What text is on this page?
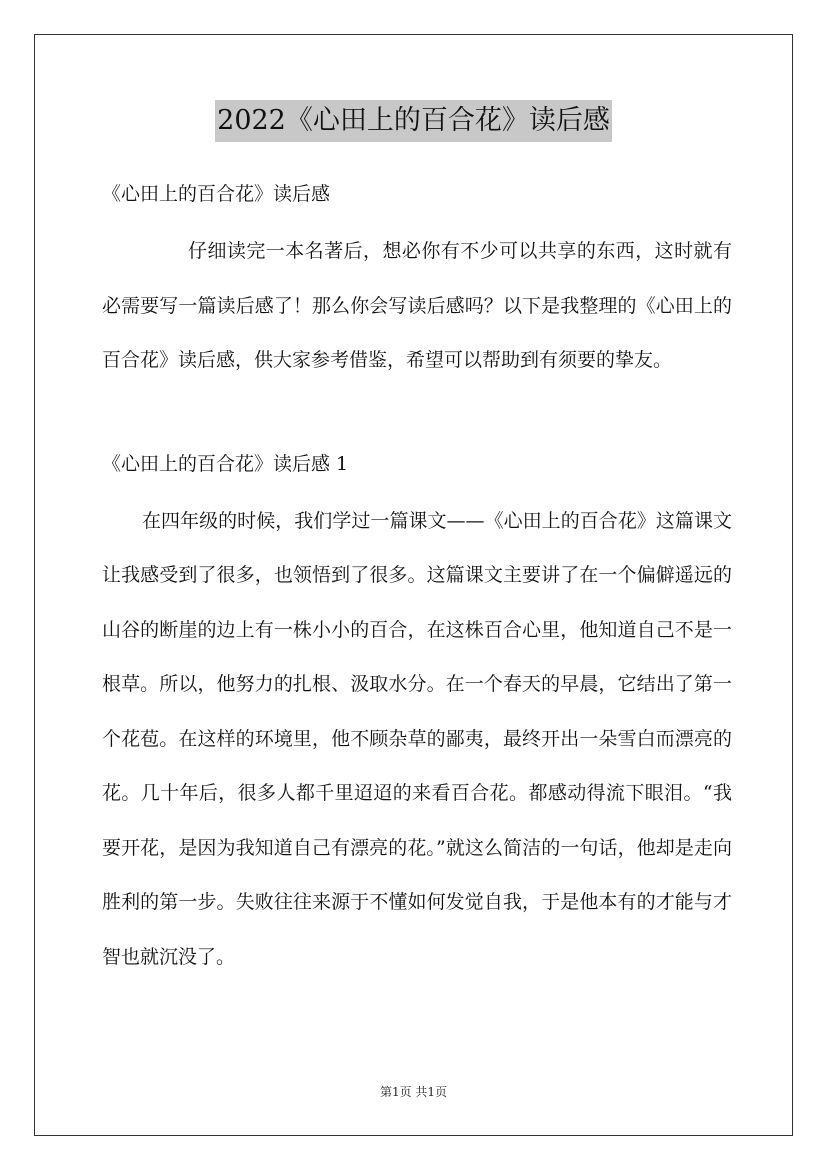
2022《心田上的百合花》读后感

《心田上的百合花》读后感

仔细读完一本名著后，想必你有不少可以共享的东西，这时就有必需要写一篇读后感了！那么你会写读后感吗？以下是我整理的《心田上的百合花》读后感，供大家参考借鉴，希望可以帮助到有须要的挚友。

《心田上的百合花》读后感 1

在四年级的时候，我们学过一篇课文——《心田上的百合花》这篇课文让我感受到了很多，也领悟到了很多。这篇课文主要讲了在一个偏僻遥远的山谷的断崖的边上有一株小小的百合，在这株百合心里，他知道自己不是一根草。所以，他努力的扎根、汲取水分。在一个春天的早晨，它结出了第一个花苞。在这样的环境里，他不顾杂草的鄙夷，最终开出一朵雪白而漂亮的花。几十年后，很多人都千里迢迢的来看百合花。都感动得流下眼泪。“我要开花，是因为我知道自己有漂亮的花。”就这么简洁的一句话，他却是走向胜利的第一步。失败往往来源于不懂如何发觉自我，于是他本有的才能与才智也就沉没了。

第1页 共1页
